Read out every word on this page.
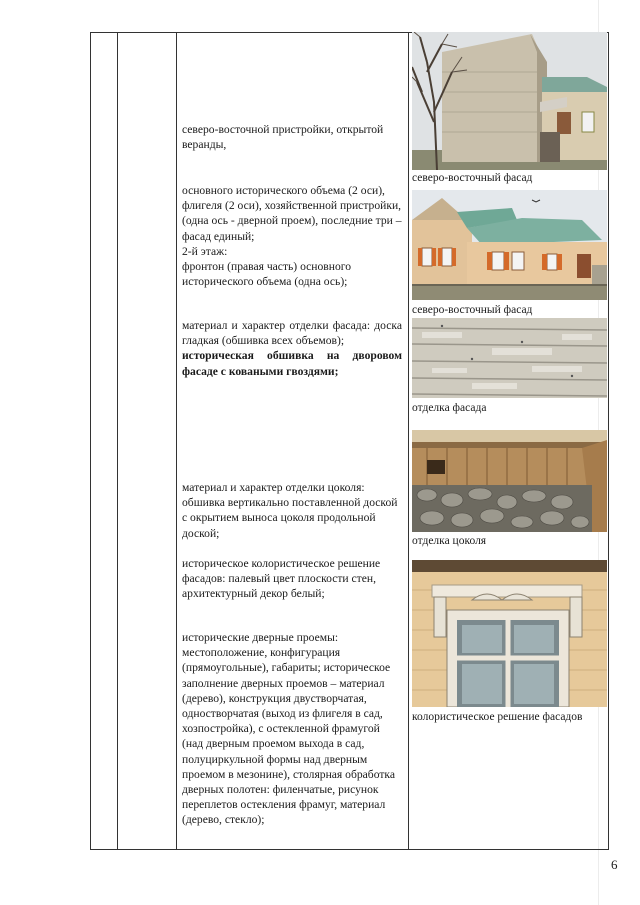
северо-восточной пристройки, открытой веранды,
основного исторического объема (2 оси), флигеля (2 оси), хозяйственной пристройки, (одна ось - дверной проем), последние три – фасад единый;
2-й этаж:
фронтон (правая часть) основного исторического объема (одна ось);
материал и характер отделки фасада: доска гладкая (обшивка всех объемов);
историческая обшивка на дворовом фасаде с коваными гвоздями;
материал и характер отделки цоколя: обшивка вертикально поставленной доской с окрытием выноса цоколя продольной доской;
историческое колористическое решение фасадов: палевый цвет плоскости стен, архитектурный декор белый;
исторические дверные проемы: местоположение, конфигурация (прямоугольные), габариты; историческое заполнение дверных проемов – материал (дерево), конструкция двустворчатая, одностворчатая (выход из флигеля в сад, хозпостройка), с остекленной фрамугой (над дверным проемом выхода в сад, полуциркульной формы над дверным проемом в мезонине), столярная обработка дверных полотен: филенчатые, рисунок переплетов остекления фрамуг, материал (дерево, стекло);
северо-восточный фасад
северо-восточный фасад
отделка фасада
отделка цоколя
колористическое решение фасадов
6
